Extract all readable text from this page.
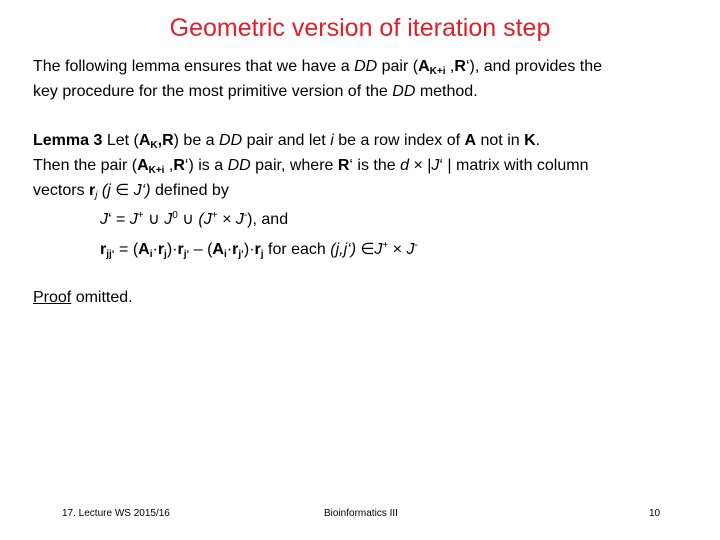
Geometric version of iteration step
The following lemma ensures that we have a DD pair ($A_{K+i}$ ,R‘), and provides the
key procedure for the most primitive version of the DD method.
Lemma 3 Let $(A_K,R)$ be a DD pair and let i be a row index of A not in K.
Then the pair ($A_{K+i}$ ,R‘) is a DD pair, where R‘ is the d × |J‘ | matrix with column
vectors $r_j$ (j ∈ J‘) defined by
J‘ = J+ ∪ $J^0$ ∪ (J+ × J-), and
$r_{jj‘} = (A_i\cdot r_j)\cdot r_{j‘} - (A_i\cdot r_{j‘})\cdot r_j$ for each (j,j‘) ∈J+ × J-
Proof omitted.
17. Lecture WS 2015/16	Bioinformatics III	10
